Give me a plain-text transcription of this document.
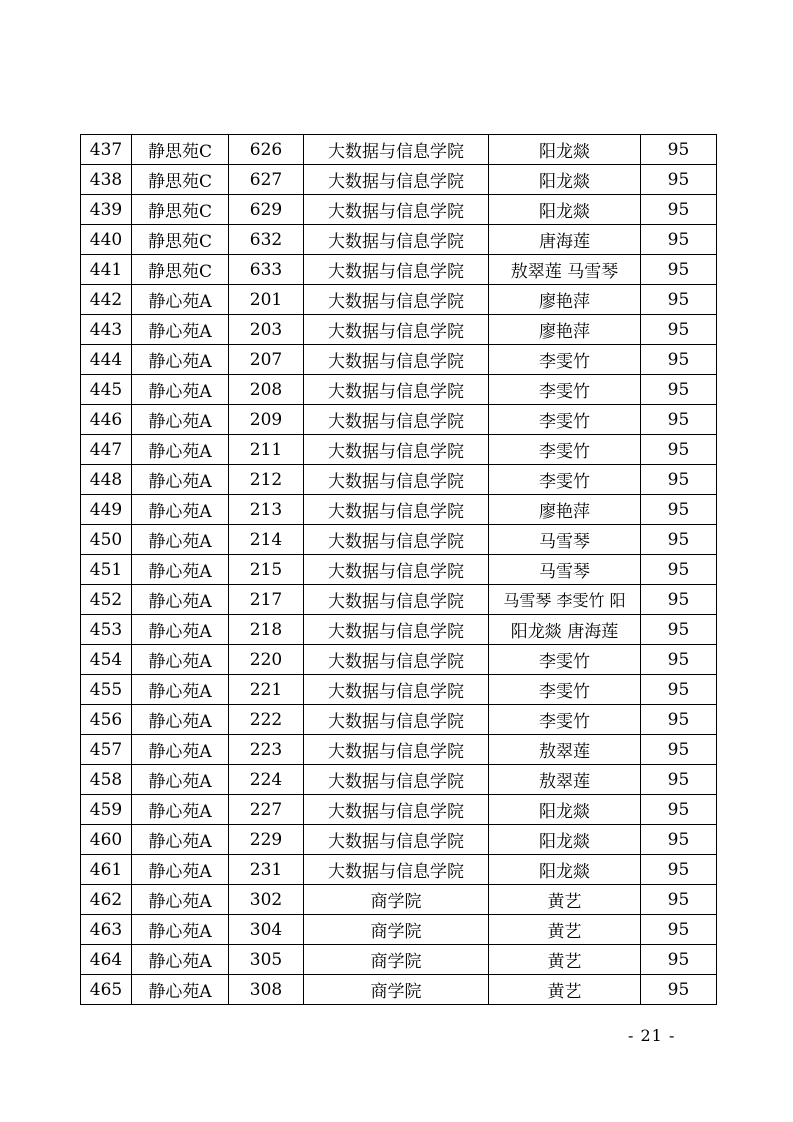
437	静思苑C	626	大数据与信息学院	阳龙燚	95
438	静思苑C	627	大数据与信息学院	阳龙燚	95
439	静思苑C	629	大数据与信息学院	阳龙燚	95
440	静思苑C	632	大数据与信息学院	唐海莲	95
441	静思苑C	633	大数据与信息学院	敖翠莲 马雪琴	95
442	静心苑A	201	大数据与信息学院	廖艳萍	95
443	静心苑A	203	大数据与信息学院	廖艳萍	95
444	静心苑A	207	大数据与信息学院	李雯竹	95
445	静心苑A	208	大数据与信息学院	李雯竹	95
446	静心苑A	209	大数据与信息学院	李雯竹	95
447	静心苑A	211	大数据与信息学院	李雯竹	95
448	静心苑A	212	大数据与信息学院	李雯竹	95
449	静心苑A	213	大数据与信息学院	廖艳萍	95
450	静心苑A	214	大数据与信息学院	马雪琴	95
451	静心苑A	215	大数据与信息学院	马雪琴	95
452	静心苑A	217	大数据与信息学院	马雪琴 李雯竹 阳	95
453	静心苑A	218	大数据与信息学院	阳龙燚 唐海莲	95
454	静心苑A	220	大数据与信息学院	李雯竹	95
455	静心苑A	221	大数据与信息学院	李雯竹	95
456	静心苑A	222	大数据与信息学院	李雯竹	95
457	静心苑A	223	大数据与信息学院	敖翠莲	95
458	静心苑A	224	大数据与信息学院	敖翠莲	95
459	静心苑A	227	大数据与信息学院	阳龙燚	95
460	静心苑A	229	大数据与信息学院	阳龙燚	95
461	静心苑A	231	大数据与信息学院	阳龙燚	95
462	静心苑A	302	商学院	黄艺	95
463	静心苑A	304	商学院	黄艺	95
464	静心苑A	305	商学院	黄艺	95
465	静心苑A	308	商学院	黄艺	95
- 21 -
